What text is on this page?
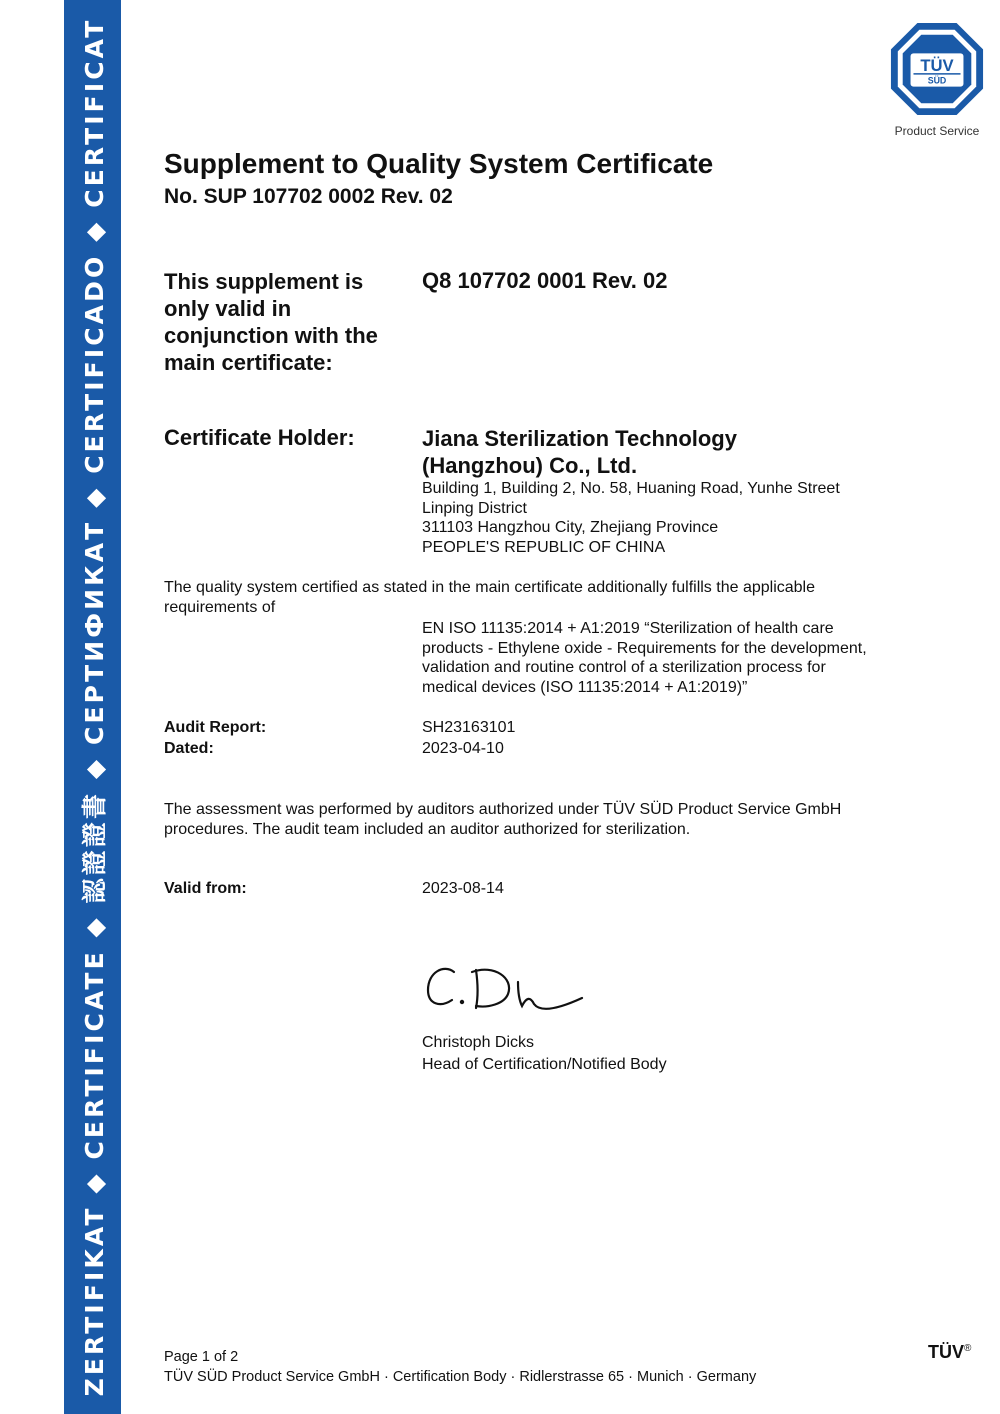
ZERTIFIKAT ◆ CERTIFICATE ◆ 認證證書 ◆ СЕРТИФИКАТ ◆ CERTIFICADO ◆ CERTIFICAT	TÜV
SÜD
Product Service
Supplement to Quality System Certificate
No. SUP 107702 0002 Rev. 02
This supplement is only valid in conjunction with the main certificate:
Q8 107702 0001 Rev. 02
Certificate Holder:	Jiana Sterilization Technology (Hangzhou) Co., Ltd.
Building 1, Building 2, No. 58, Huaning Road, Yunhe Street
Linping District
311103 Hangzhou City, Zhejiang Province
PEOPLE'S REPUBLIC OF CHINA
The quality system certified as stated in the main certificate additionally fulfills the applicable requirements of
EN ISO 11135:2014 + A1:2019 “Sterilization of health care products - Ethylene oxide - Requirements for the development, validation and routine control of a sterilization process for medical devices (ISO 11135:2014 + A1:2019)”
Audit Report:	SH23163101
Dated:	2023-04-10
The assessment was performed by auditors authorized under TÜV SÜD Product Service GmbH procedures. The audit team included an auditor authorized for sterilization.
Valid from:	2023-08-14
Christoph Dicks
Head of Certification/Notified Body
Page 1 of 2
TÜV SÜD Product Service GmbH · Certification Body · Ridlerstrasse 65 · Munich · Germany
TÜV®
